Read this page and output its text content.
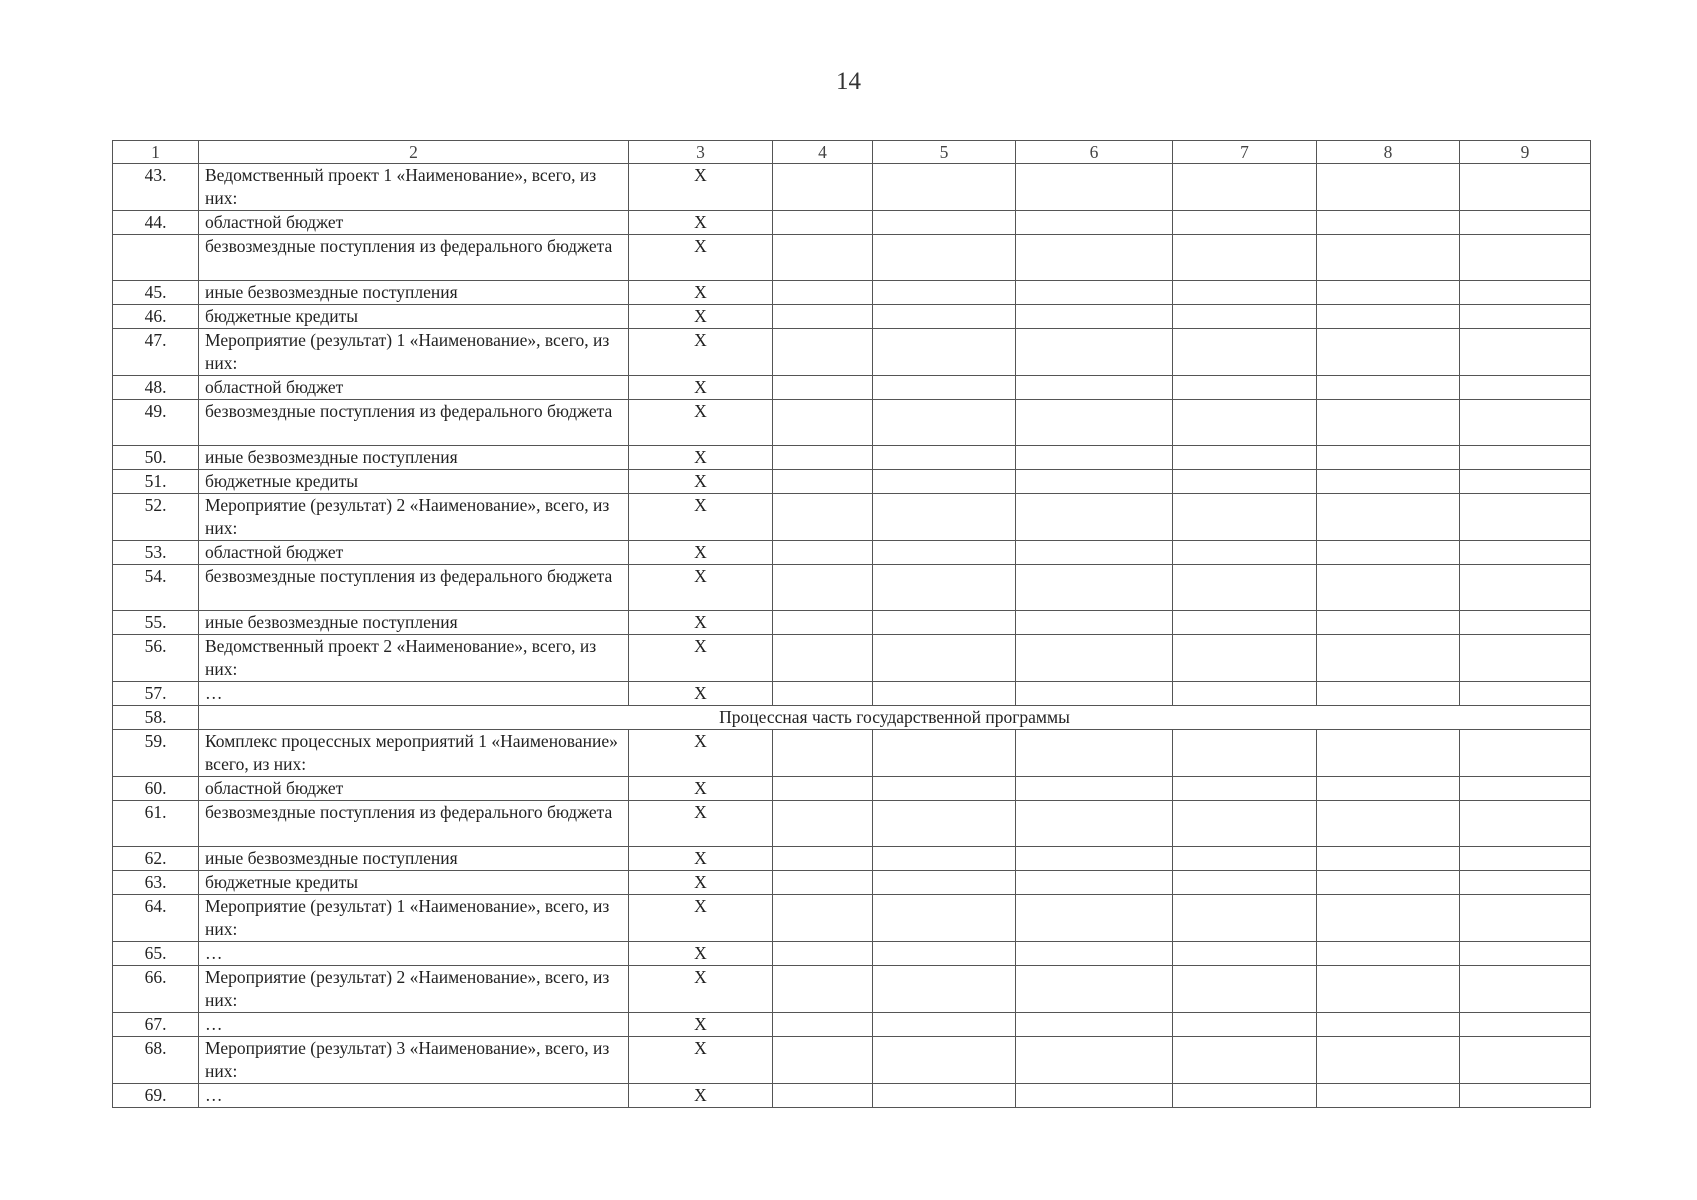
14
1	2	3	4	5	6	7	8	9
43.	Ведомственный проект 1 «Наименование», всего, из них:	X						
44.	областной бюджет	X						
	безвозмездные поступления из федерального бюджета	X						
45.	иные безвозмездные поступления	X						
46.	бюджетные кредиты	X						
47.	Мероприятие (результат) 1 «Наименование», всего, из них:	X						
48.	областной бюджет	X						
49.	безвозмездные поступления из федерального бюджета	X						
50.	иные безвозмездные поступления	X						
51.	бюджетные кредиты	X						
52.	Мероприятие (результат) 2 «Наименование», всего, из них:	X						
53.	областной бюджет	X						
54.	безвозмездные поступления из федерального бюджета	X						
55.	иные безвозмездные поступления	X						
56.	Ведомственный проект 2 «Наименование», всего, из них:	X						
57.	…	X						
58.	Процессная часть государственной программы							
59.	Комплекс процессных мероприятий 1 «Наименование» всего, из них:	X						
60.	областной бюджет	X						
61.	безвозмездные поступления из федерального бюджета	X						
62.	иные безвозмездные поступления	X						
63.	бюджетные кредиты	X						
64.	Мероприятие (результат) 1 «Наименование», всего, из них:	X						
65.	…	X						
66.	Мероприятие (результат) 2 «Наименование», всего, из них:	X						
67.	…	X						
68.	Мероприятие (результат) 3 «Наименование», всего, из них:	X						
69.	…	X						
